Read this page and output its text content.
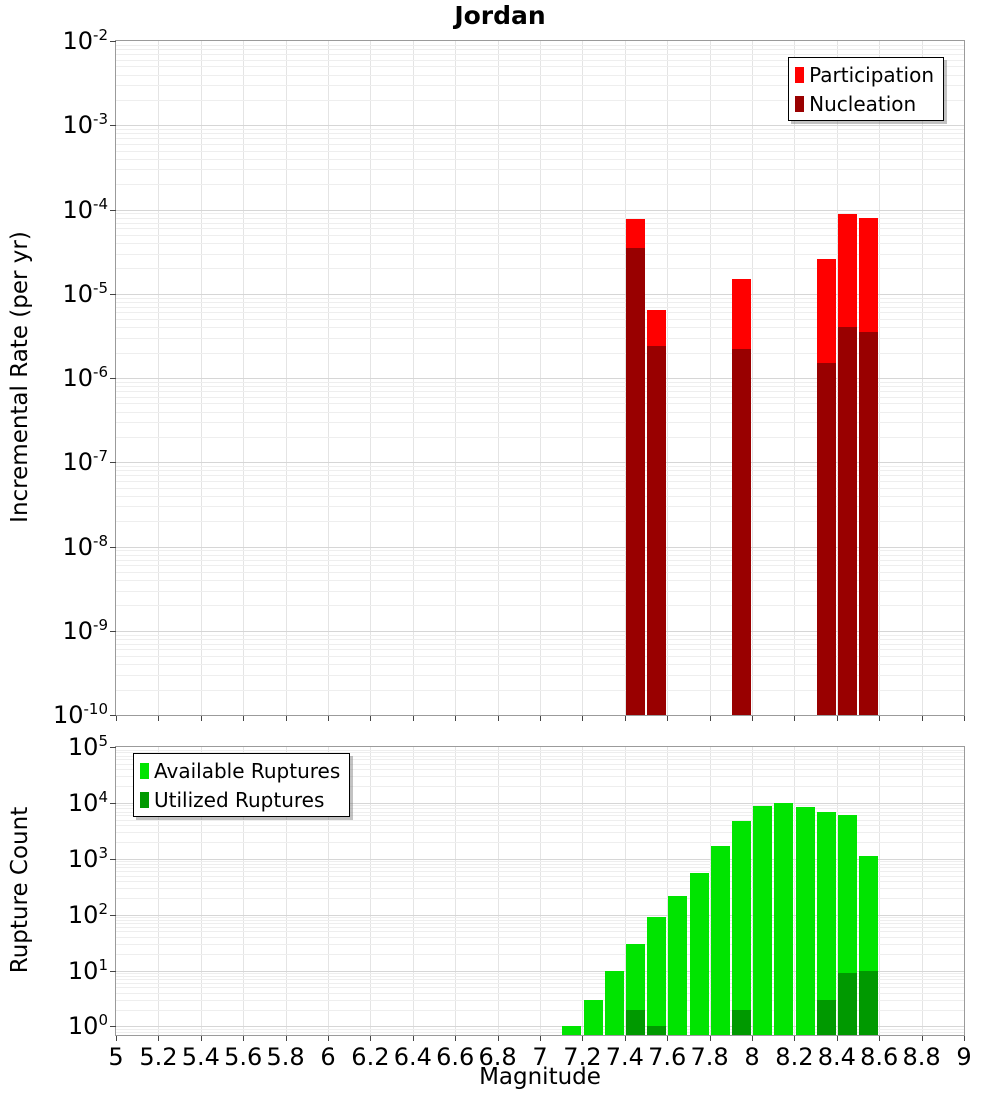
Jordan
Incremental Rate (per yr)
Rupture Count
Magnitude
Participation
Nucleation
$10^{-2}$
$10^{-3}$
$10^{-4}$
$10^{-5}$
$10^{-6}$
$10^{-7}$
$10^{-8}$
$10^{-9}$
$10^{-10}$
Available Ruptures
Utilized Ruptures
$10^5$
$10^4$
$10^3$
$10^2$
$10^1$
$10^0$
5 5.2 5.4 5.6 5.8 6 6.2 6.4 6.6 6.8 7 7.2 7.4 7.6 7.8 8 8.2 8.4 8.6 8.8 9
